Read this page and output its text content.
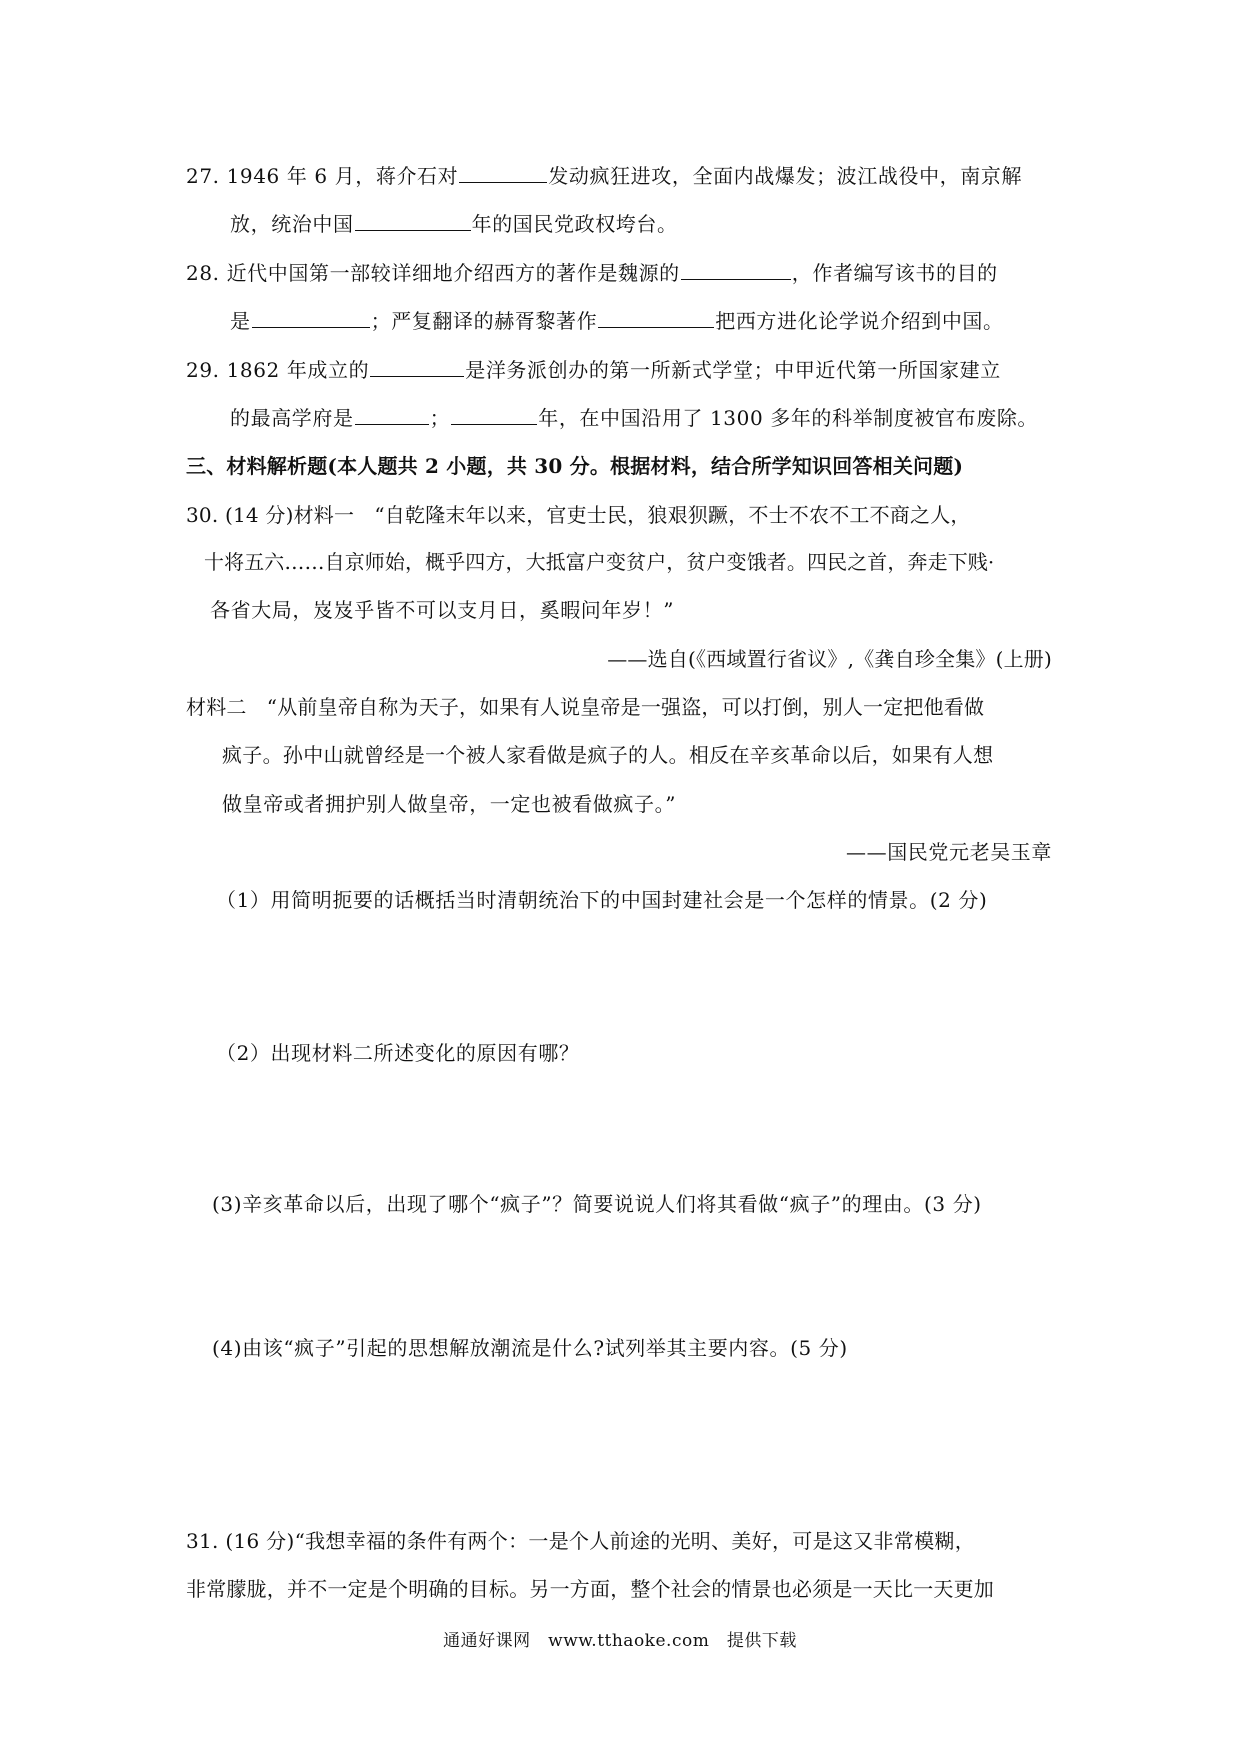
27. 1946 年 6 月，蒋介石对	发动疯狂进攻，全面内战爆发；波江战役中，南京解
放，统治中国	年的国民党政权垮台。
28. 近代中国第一部较详细地介绍西方的著作是魏源的	，作者编写该书的目的
是	；严复翻译的赫胥黎著作	把西方进化论学说介绍到中国。
29. 1862 年成立的	是洋务派创办的第一所新式学堂；中甲近代第一所国家建立
的最高学府是	；	年，在中国沿用了 1300 多年的科举制度被官布废除。
三、材料解析题(本人题共 2 小题，共 30 分。根据材料，结合所学知识回答相关问题)
30. (14 分)材料一　“自乾隆末年以来，官吏士民，狼艰狈蹶，不士不农不工不商之人，
十将五六……自京师始，概乎四方，大抵富户变贫户，贫户变饿者。四民之首，奔走下贱·
各省大局，岌岌乎皆不可以支月日，奚暇问年岁！”
——选自(《西域置行省议》,《龚自珍全集》(上册)
材料二　“从前皇帝自称为天子，如果有人说皇帝是一强盗，可以打倒，别人一定把他看做
疯子。孙中山就曾经是一个被人家看做是疯子的人。相反在辛亥革命以后，如果有人想
做皇帝或者拥护别人做皇帝，一定也被看做疯子。”
——国民党元老吴玉章
（1）用简明扼要的话概括当时清朝统治下的中国封建社会是一个怎样的情景。(2 分)
（2）出现材料二所述变化的原因有哪？
(3)辛亥革命以后，出现了哪个“疯子”？简要说说人们将其看做“疯子”的理由。(3 分)
(4)由该“疯子”引起的思想解放潮流是什么?试列举其主要内容。(5 分)
31. (16 分)“我想幸福的条件有两个：一是个人前途的光明、美好，可是这又非常模糊，
非常朦胧，并不一定是个明确的目标。另一方面，整个社会的情景也必须是一天比一天更加
通通好课网　www.tthaoke.com　提供下载
